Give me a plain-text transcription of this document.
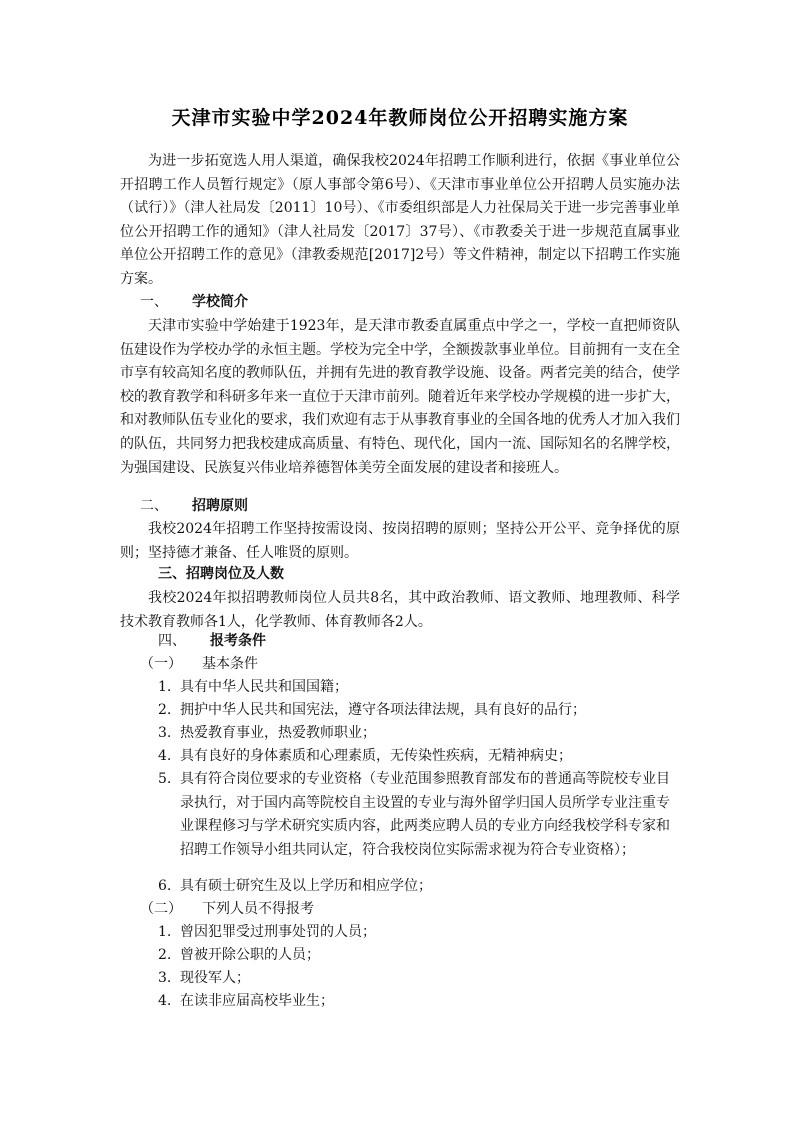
天津市实验中学2024年教师岗位公开招聘实施方案

为进一步拓宽选人用人渠道，确保我校2024年招聘工作顺利进行，依据《事业单位公开招聘工作人员暂行规定》（原人事部令第6号）、《天津市事业单位公开招聘人员实施办法（试行）》（津人社局发〔2011〕10号）、《市委组织部是人力社保局关于进一步完善事业单位公开招聘工作的通知》（津人社局发〔2017〕37号）、《市教委关于进一步规范直属事业单位公开招聘工作的意见》（津教委规范[2017]2号）等文件精神，制定以下招聘工作实施方案。

一、 学校简介

天津市实验中学始建于1923年，是天津市教委直属重点中学之一，学校一直把师资队伍建设作为学校办学的永恒主题。学校为完全中学，全额拨款事业单位。目前拥有一支在全市享有较高知名度的教师队伍，并拥有先进的教育教学设施、设备。两者完美的结合，使学校的教育教学和科研多年来一直位于天津市前列。随着近年来学校办学规模的进一步扩大，和对教师队伍专业化的要求，我们欢迎有志于从事教育事业的全国各地的优秀人才加入我们的队伍，共同努力把我校建成高质量、有特色、现代化，国内一流、国际知名的名牌学校，为强国建设、民族复兴伟业培养德智体美劳全面发展的建设者和接班人。

二、 招聘原则

我校2024年招聘工作坚持按需设岗、按岗招聘的原则；坚持公开公平、竞争择优的原则；坚持德才兼备、任人唯贤的原则。

三、招聘岗位及人数

我校2024年拟招聘教师岗位人员共8名，其中政治教师、语文教师、地理教师、科学技术教育教师各1人，化学教师、体育教师各2人。

四、 报考条件
（一） 基本条件
1. 具有中华人民共和国国籍；
2. 拥护中华人民共和国宪法，遵守各项法律法规，具有良好的品行；
3. 热爱教育事业，热爱教师职业；
4. 具有良好的身体素质和心理素质，无传染性疾病，无精神病史；
5. 具有符合岗位要求的专业资格（专业范围参照教育部发布的普通高等院校专业目录执行，对于国内高等院校自主设置的专业与海外留学归国人员所学专业注重专业课程修习与学术研究实质内容，此两类应聘人员的专业方向经我校学科专家和招聘工作领导小组共同认定，符合我校岗位实际需求视为符合专业资格）；
6. 具有硕士研究生及以上学历和相应学位；
（二） 下列人员不得报考
1. 曾因犯罪受过刑事处罚的人员；
2. 曾被开除公职的人员；
3. 现役军人；
4. 在读非应届高校毕业生；
